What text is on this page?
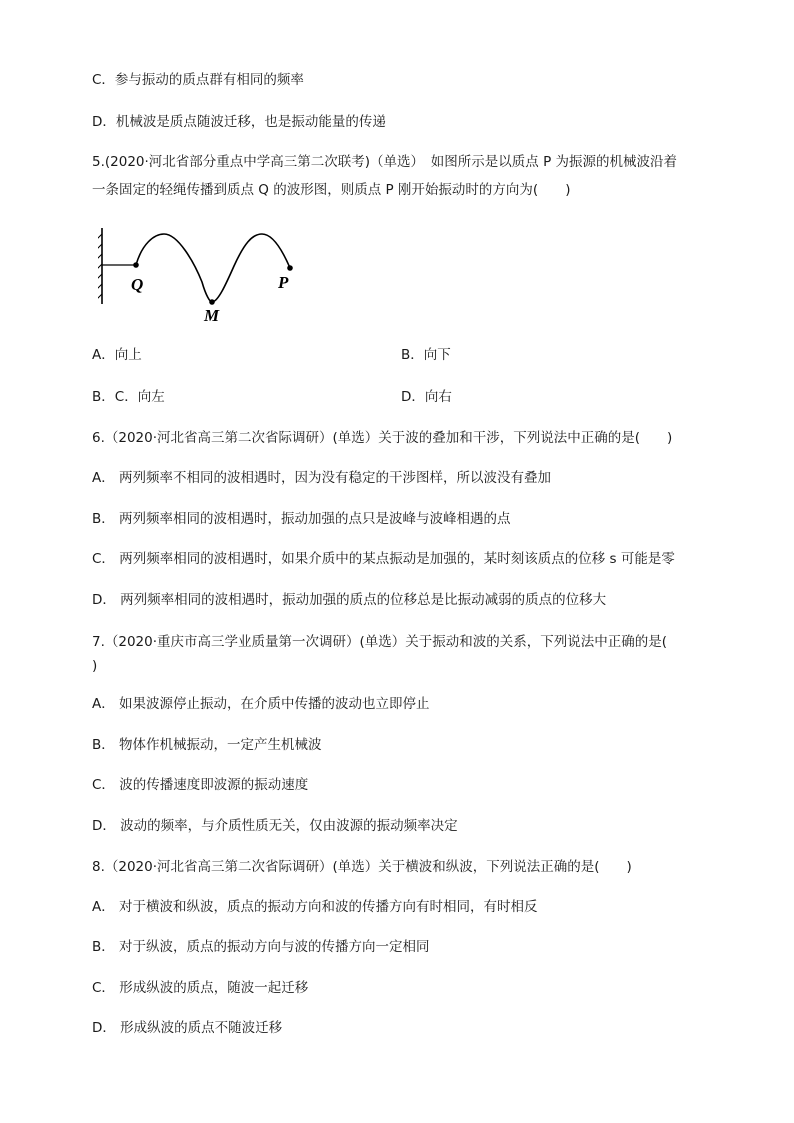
C．参与振动的质点群有相同的频率
D．机械波是质点随波迁移，也是振动能量的传递
5.(2020·河北省部分重点中学高三第二次联考)（单选）　如图所示是以质点 P 为振源的机械波沿着
一条固定的轻绳传播到质点 Q 的波形图，则质点 P 刚开始振动时的方向为(　　)
Q
M
P
A．向上	B．向下
B．C．向左	D．向右
6.（2020·河北省高三第二次省际调研）(单选）关于波的叠加和干涉，下列说法中正确的是(　　)
A． 两列频率不相同的波相遇时，因为没有稳定的干涉图样，所以波没有叠加
B． 两列频率相同的波相遇时，振动加强的点只是波峰与波峰相遇的点
C． 两列频率相同的波相遇时，如果介质中的某点振动是加强的，某时刻该质点的位移 s 可能是零
D． 两列频率相同的波相遇时，振动加强的质点的位移总是比振动减弱的质点的位移大
7.（2020·重庆市高三学业质量第一次调研）(单选）关于振动和波的关系，下列说法中正确的是(
)
A． 如果波源停止振动，在介质中传播的波动也立即停止
B． 物体作机械振动，一定产生机械波
C． 波的传播速度即波源的振动速度
D． 波动的频率，与介质性质无关，仅由波源的振动频率决定
8.（2020·河北省高三第二次省际调研）(单选）关于横波和纵波，下列说法正确的是(　　)
A． 对于横波和纵波，质点的振动方向和波的传播方向有时相同，有时相反
B． 对于纵波，质点的振动方向与波的传播方向一定相同
C． 形成纵波的质点，随波一起迁移
D． 形成纵波的质点不随波迁移
